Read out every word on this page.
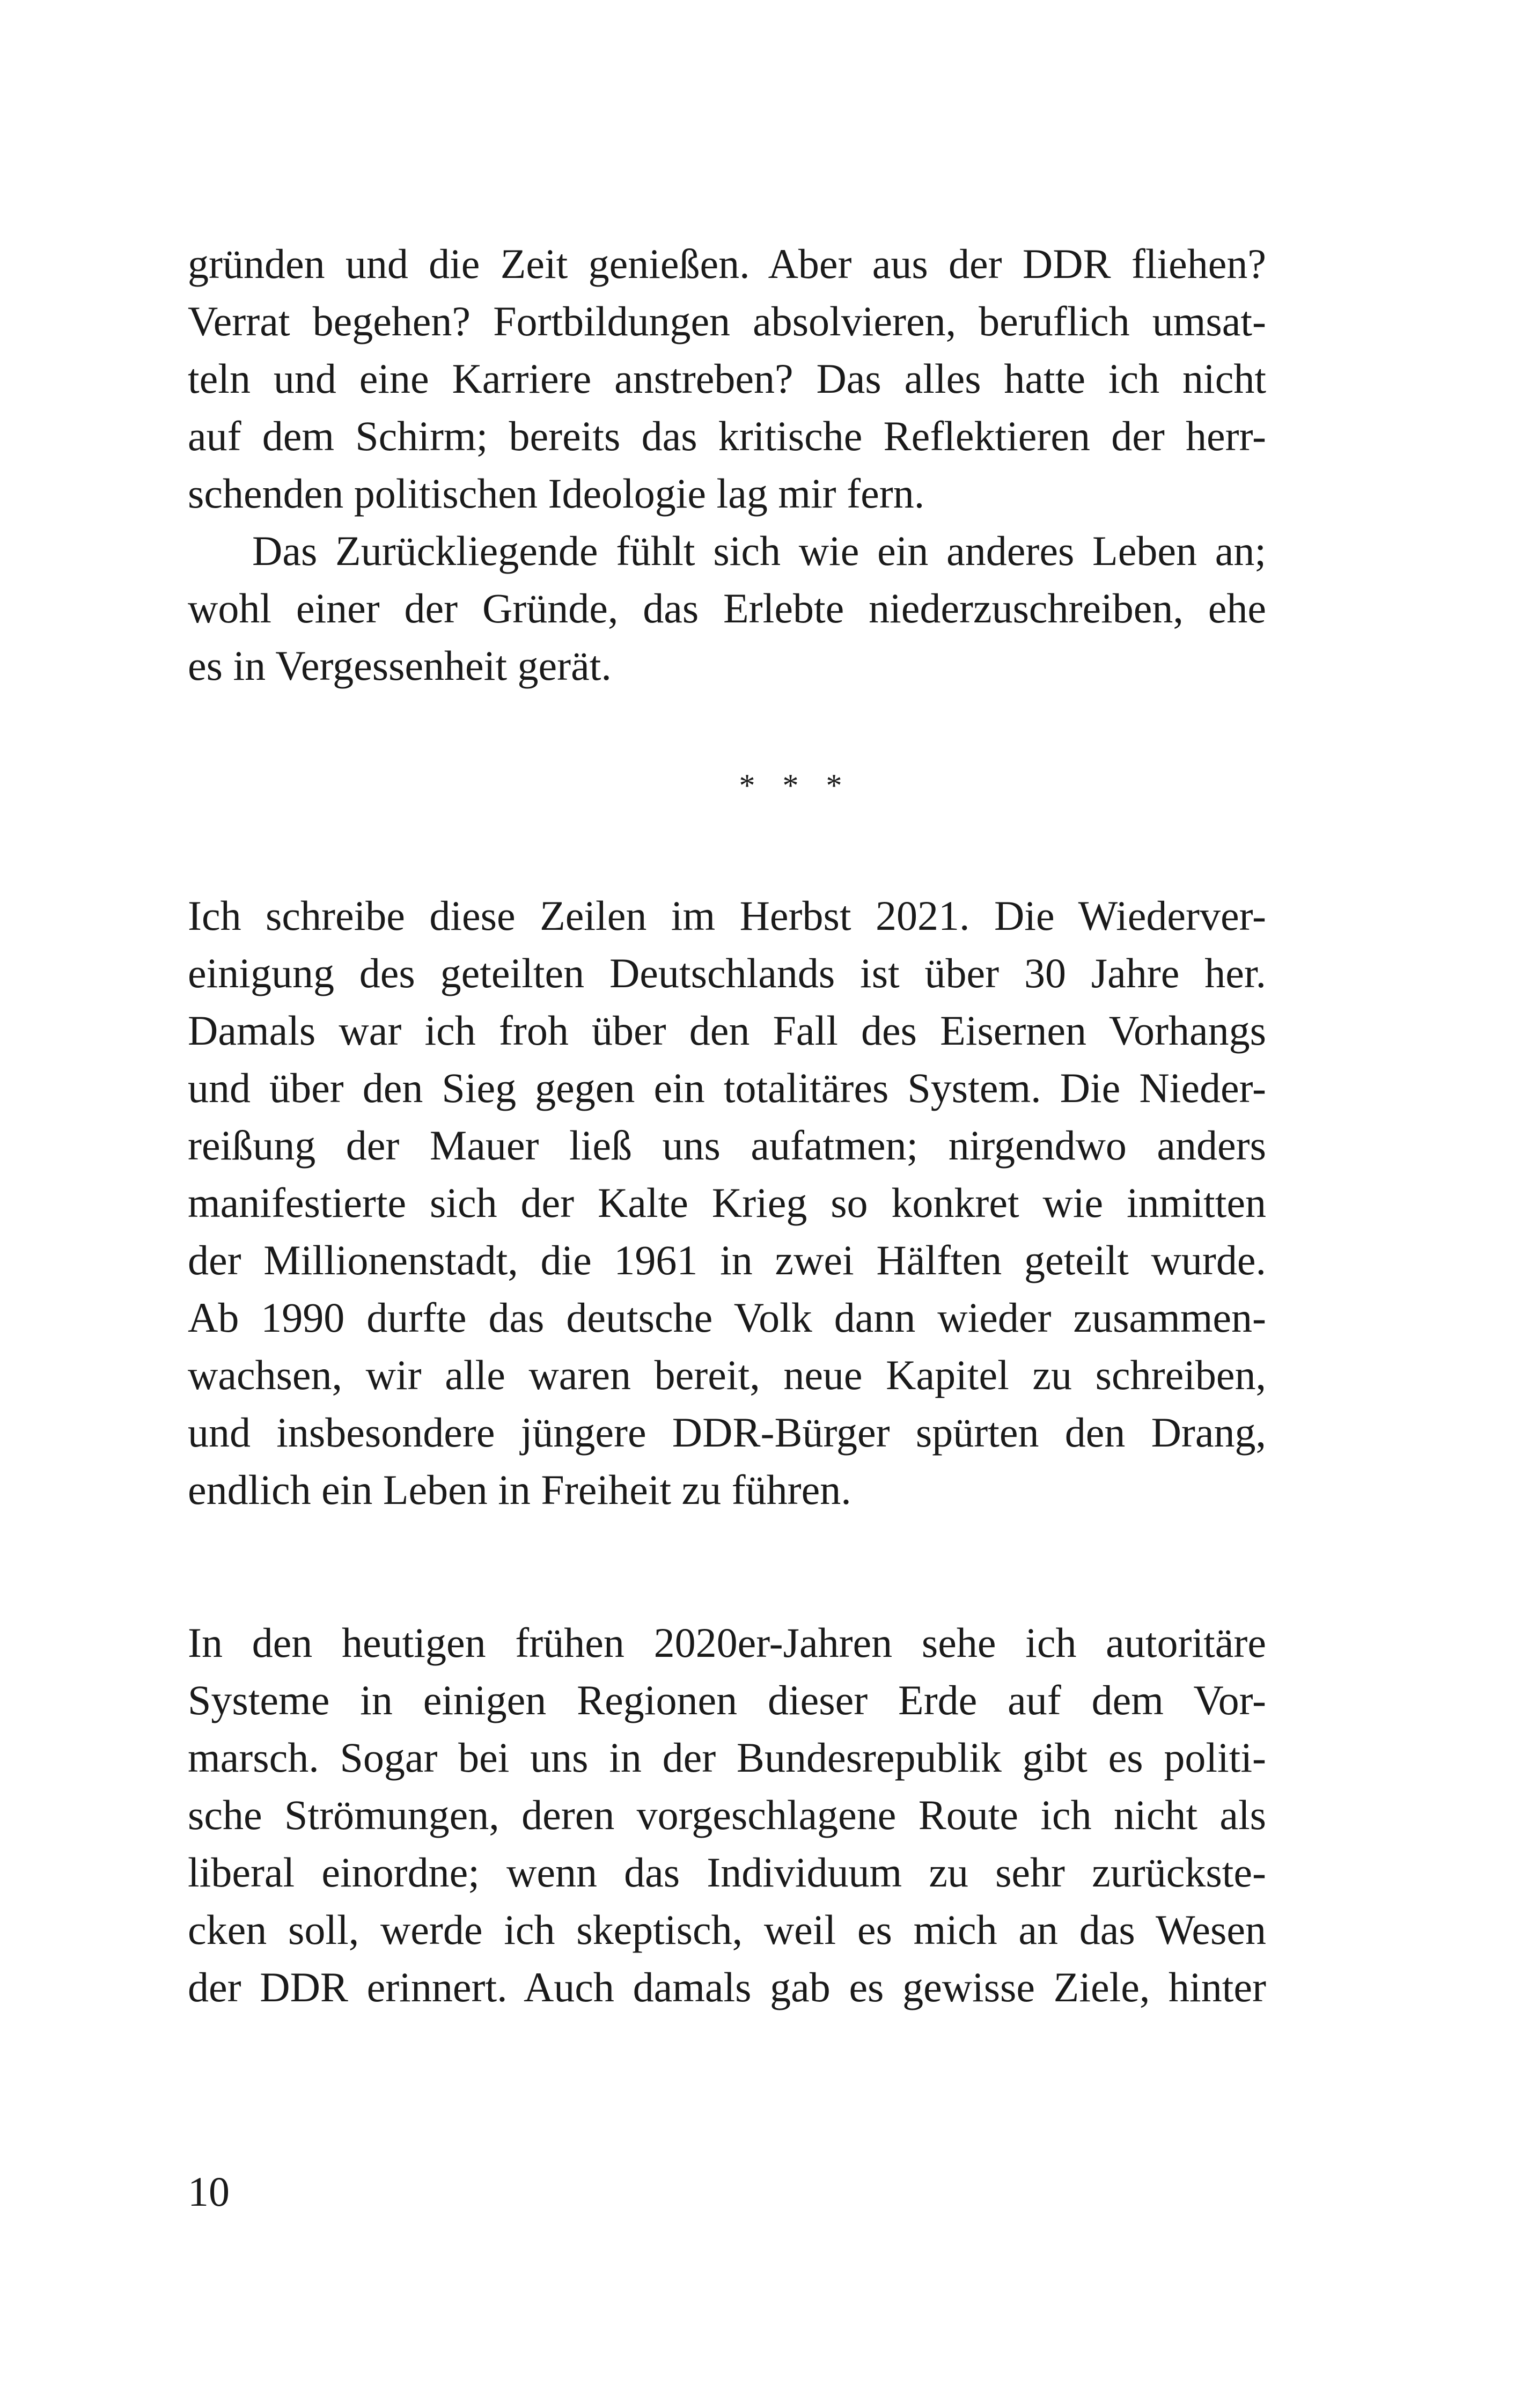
gründen und die Zeit genießen. Aber aus der DDR fliehen?
Verrat begehen? Fortbildungen absolvieren, beruflich umsat-
teln und eine Karriere anstreben? Das alles hatte ich nicht
auf dem Schirm; bereits das kritische Reflektieren der herr-
schenden politischen Ideologie lag mir fern.
Das Zurückliegende fühlt sich wie ein anderes Leben an;
wohl einer der Gründe, das Erlebte niederzuschreiben, ehe
es in Vergessenheit gerät.
* * *
Ich schreibe diese Zeilen im Herbst 2021. Die Wiederver-
einigung des geteilten Deutschlands ist über 30 Jahre her.
Damals war ich froh über den Fall des Eisernen Vorhangs
und über den Sieg gegen ein totalitäres System. Die Nieder-
reißung der Mauer ließ uns aufatmen; nirgendwo anders
manifestierte sich der Kalte Krieg so konkret wie inmitten
der Millionenstadt, die 1961 in zwei Hälften geteilt wurde.
Ab 1990 durfte das deutsche Volk dann wieder zusammen-
wachsen, wir alle waren bereit, neue Kapitel zu schreiben,
und insbesondere jüngere DDR-Bürger spürten den Drang,
endlich ein Leben in Freiheit zu führen.
In den heutigen frühen 2020er-Jahren sehe ich autoritäre
Systeme in einigen Regionen dieser Erde auf dem Vor-
marsch. Sogar bei uns in der Bundesrepublik gibt es politi-
sche Strömungen, deren vorgeschlagene Route ich nicht als
liberal einordne; wenn das Individuum zu sehr zurückste-
cken soll, werde ich skeptisch, weil es mich an das Wesen
der DDR erinnert. Auch damals gab es gewisse Ziele, hinter
10
